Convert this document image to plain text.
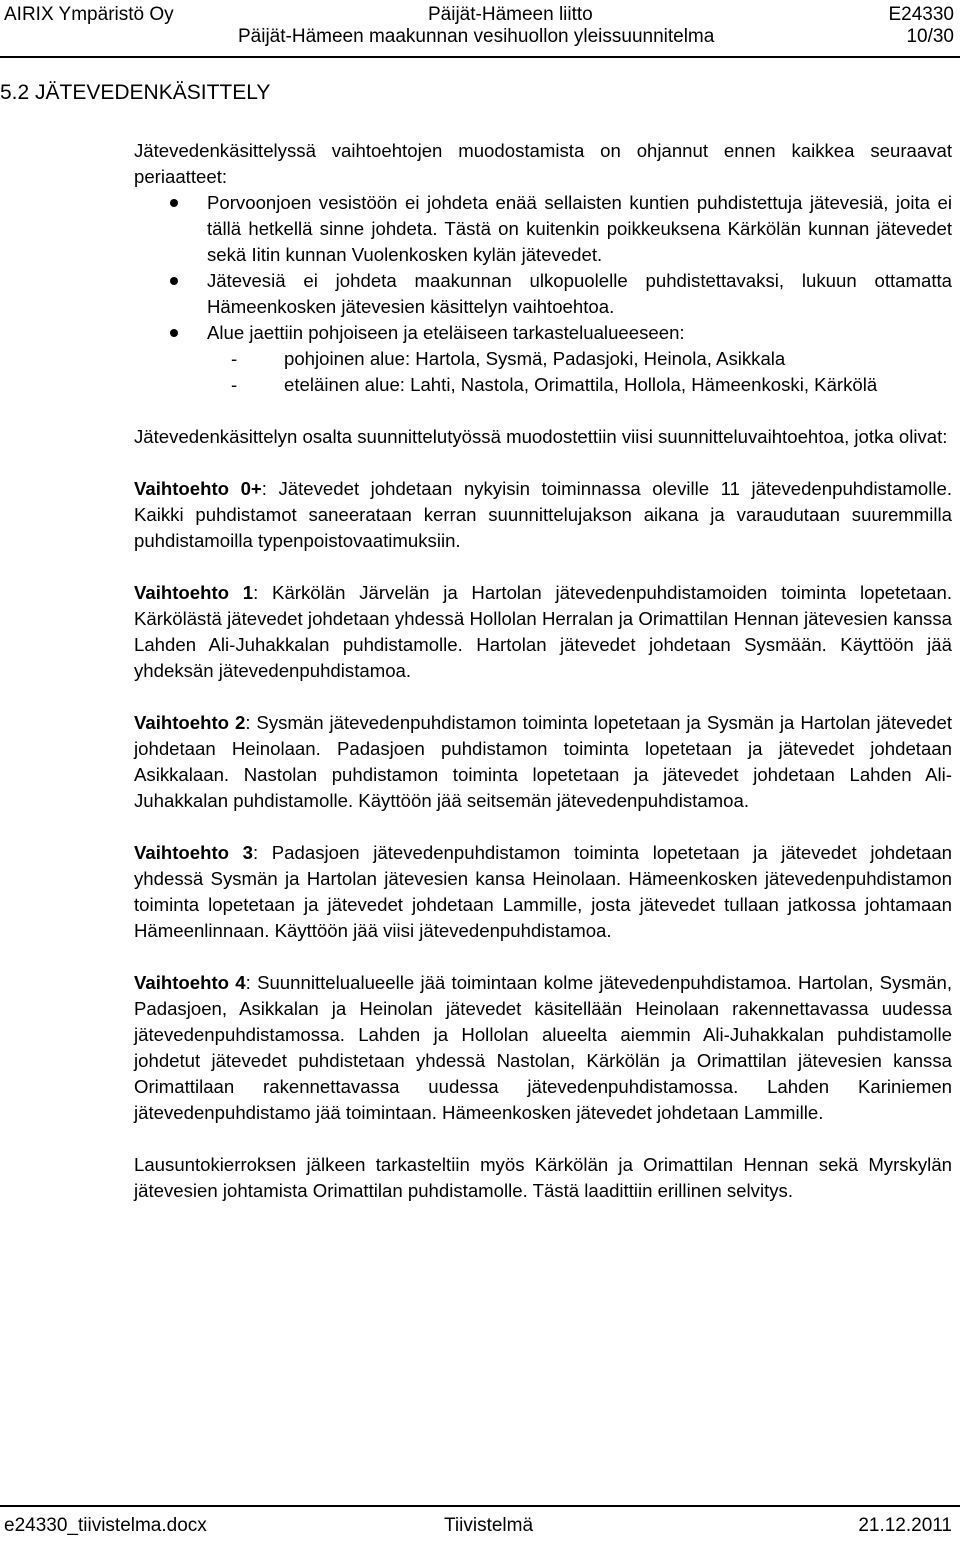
AIRIX Ympäristö Oy	Päijät-Hämeen liitto	E24330
Päijät-Hämeen maakunnan vesihuollon yleissuunnitelma	10/30
5.2 JÄTEVEDENKÄSITTELY

Jätevedenkäsittelyssä vaihtoehtojen muodostamista on ohjannut ennen kaikkea seuraavat periaatteet:

Porvoonjoen vesistöön ei johdeta enää sellaisten kuntien puhdistettuja jätevesiä, joita ei tällä hetkellä sinne johdeta. Tästä on kuitenkin poikkeuksena Kärkölän kunnan jätevedet sekä Iitin kunnan Vuolenkosken kylän jätevedet.
Jätevesiä ei johdeta maakunnan ulkopuolelle puhdistettavaksi, lukuun ottamatta Hämeenkosken jätevesien käsittelyn vaihtoehtoa.
Alue jaettiin pohjoiseen ja eteläiseen tarkastelualueeseen:
-	pohjoinen alue: Hartola, Sysmä, Padasjoki, Heinola, Asikkala
-	eteläinen alue: Lahti, Nastola, Orimattila, Hollola, Hämeenkoski, Kärkölä

Jätevedenkäsittelyn osalta suunnittelutyössä muodostettiin viisi suunnitteluvaihtoehtoa, jotka olivat:

Vaihtoehto 0+: Jätevedet johdetaan nykyisin toiminnassa oleville 11 jätevedenpuhdistamolle. Kaikki puhdistamot saneerataan kerran suunnittelujakson aikana ja varaudutaan suuremmilla puhdistamoilla typenpoistovaatimuksiin.

Vaihtoehto 1: Kärkölän Järvelän ja Hartolan jätevedenpuhdistamoiden toiminta lopetetaan. Kärkölästä jätevedet johdetaan yhdessä Hollolan Herralan ja Orimattilan Hennan jätevesien kanssa Lahden Ali-Juhakkalan puhdistamolle. Hartolan jätevedet johdetaan Sysmään. Käyttöön jää yhdeksän jätevedenpuhdistamoa.

Vaihtoehto 2: Sysmän jätevedenpuhdistamon toiminta lopetetaan ja Sysmän ja Hartolan jätevedet johdetaan Heinolaan. Padasjoen puhdistamon toiminta lopetetaan ja jätevedet johdetaan Asikkalaan. Nastolan puhdistamon toiminta lopetetaan ja jätevedet johdetaan Lahden Ali-Juhakkalan puhdistamolle. Käyttöön jää seitsemän jätevedenpuhdistamoa.

Vaihtoehto 3: Padasjoen jätevedenpuhdistamon toiminta lopetetaan ja jätevedet johdetaan yhdessä Sysmän ja Hartolan jätevesien kansa Heinolaan. Hämeenkosken jätevedenpuhdistamon toiminta lopetetaan ja jätevedet johdetaan Lammille, josta jätevedet tullaan jatkossa johtamaan Hämeenlinnaan. Käyttöön jää viisi jätevedenpuhdistamoa.

Vaihtoehto 4: Suunnittelualueelle jää toimintaan kolme jätevedenpuhdistamoa. Hartolan, Sysmän, Padasjoen, Asikkalan ja Heinolan jätevedet käsitellään Heinolaan rakennettavassa uudessa jätevedenpuhdistamossa. Lahden ja Hollolan alueelta aiemmin Ali-Juhakkalan puhdistamolle johdetut jätevedet puhdistetaan yhdessä Nastolan, Kärkölän ja Orimattilan jätevesien kanssa Orimattilaan rakennettavassa uudessa jätevedenpuhdistamossa. Lahden Kariniemen jätevedenpuhdistamo jää toimintaan. Hämeenkosken jätevedet johdetaan Lammille.

Lausuntokierroksen jälkeen tarkasteltiin myös Kärkölän ja Orimattilan Hennan sekä Myrskylän jätevesien johtamista Orimattilan puhdistamolle. Tästä laadittiin erillinen selvitys.

e24330_tiivistelma.docx	Tiivistelmä	21.12.2011
